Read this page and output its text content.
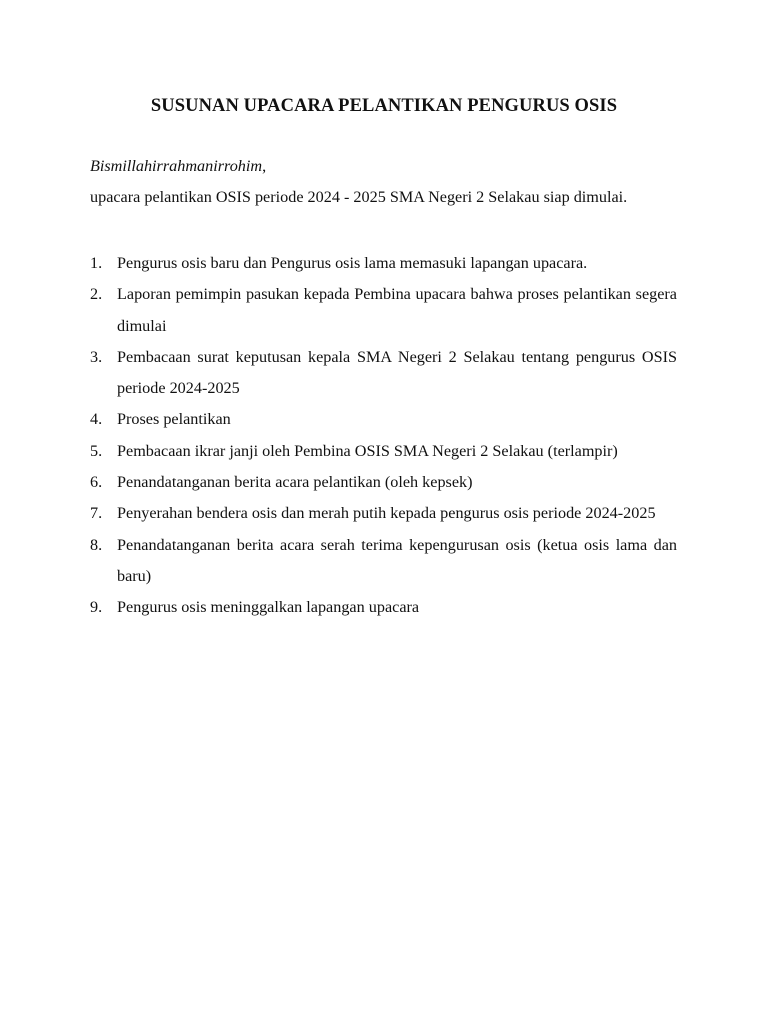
SUSUNAN UPACARA PELANTIKAN PENGURUS OSIS
Bismillahirrahmanirrohim,
upacara pelantikan OSIS periode 2024 - 2025 SMA Negeri 2 Selakau siap dimulai.
1. Pengurus osis baru dan Pengurus osis lama memasuki lapangan upacara.
2. Laporan pemimpin pasukan kepada Pembina upacara bahwa proses pelantikan segera dimulai
3. Pembacaan surat keputusan kepala SMA Negeri 2 Selakau tentang pengurus OSIS periode 2024-2025
4. Proses pelantikan
5. Pembacaan ikrar janji oleh Pembina OSIS SMA Negeri 2 Selakau (terlampir)
6. Penandatanganan berita acara pelantikan (oleh kepsek)
7. Penyerahan bendera osis dan merah putih kepada pengurus osis periode 2024-2025
8. Penandatanganan berita acara serah terima kepengurusan osis (ketua osis lama dan baru)
9. Pengurus osis meninggalkan lapangan upacara
